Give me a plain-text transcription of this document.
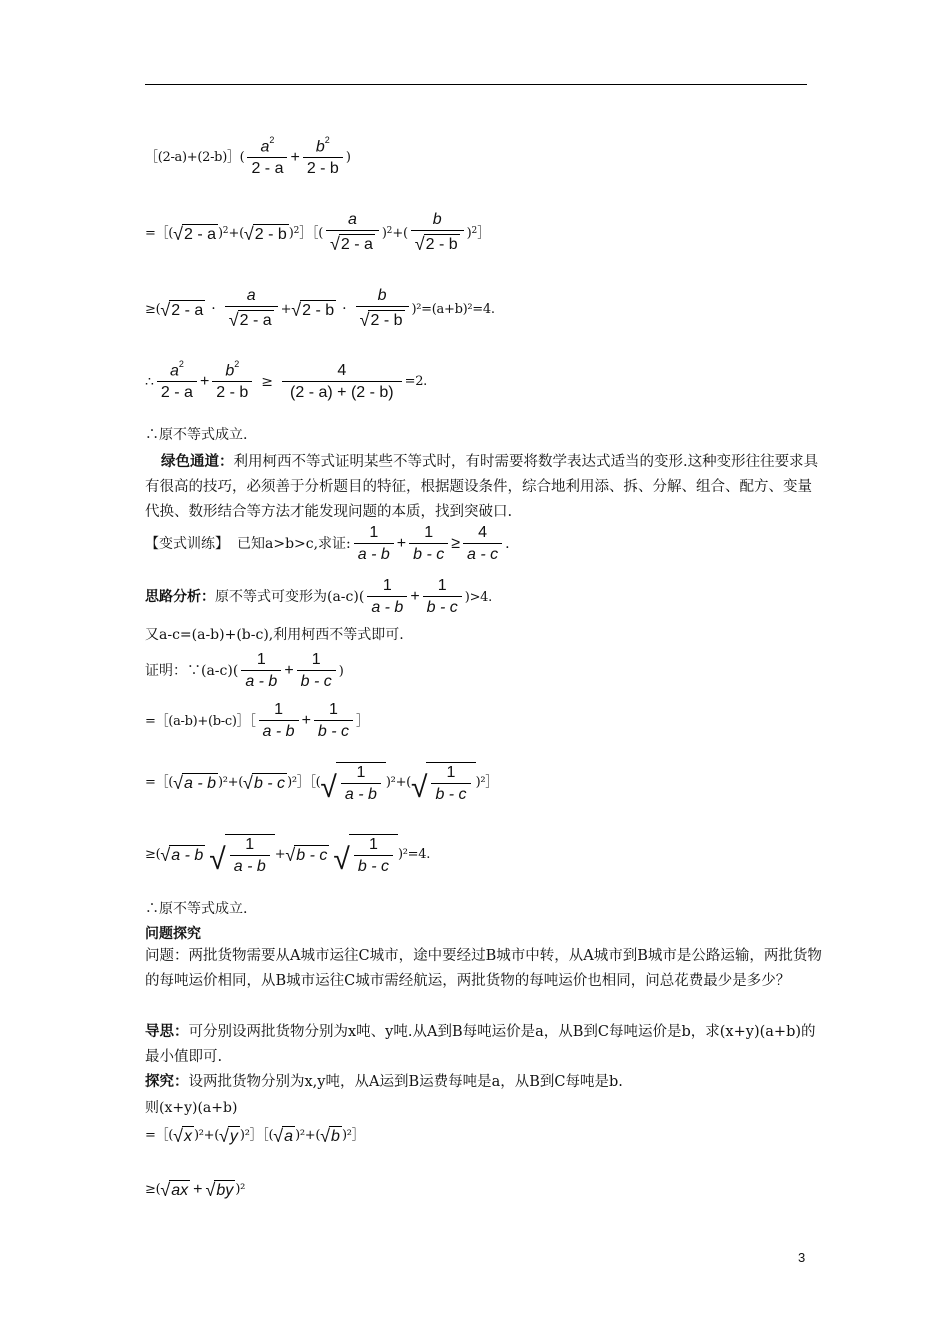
［(2-a)+(2-b)］( $\frac{a^2}{2 - a} + \frac{b^2}{2 - b}$ )
=［( √ 2 - a ) 2 +( √ 2 - b ) 2 ］［( $\frac{a}{√ 2 - a}$ ) 2 +( $\frac{b}{√ 2 - b}$ ) 2 ］
≥( √ $2 - a \cdot \frac{a}{√ 2 - a}$ + √ $2 - b \cdot \frac{b}{√ 2 - b} )^2=(a+b)^2=4$.
∴ $\frac{a^2}{2 - a} + \frac{b^2}{2 - b} \ge \frac{4}{(2 - a) + (2 - b)} =2$.
∴原不等式成立.
绿色通道：利用柯西不等式证明某些不等式时，有时需要将数学表达式适当的变形.这种变形往往要求具有很高的技巧，必须善于分析题目的特征，根据题设条件，综合地利用添、拆、分解、组合、配方、变量代换、数形结合等方法才能发现问题的本质，找到突破口.
【变式训练】 已知a>b>c,求证: $\frac{1}{a - b} + \frac{1}{b - c} \ge \frac{4}{a - c}$ .
思路分析： 原不等式可变形为$(a-c)( \frac{1}{a - b} + \frac{1}{b - c} )>4$.
又a-c=(a-b)+(b-c),利用柯西不等式即可.
证明：∵(a-c)( $\frac{1}{a - b} + \frac{1}{b - c}$ )
=［(a-b)+(b-c)］［ $\frac{1}{a - b} + \frac{1}{b - c}$ ］
=［( √ a - b )²+( √ b - c )²］［( √ $\frac{1}{a - b} )^2+$( √ $\frac{1}{b - c}$ )²］
≥( √ a - b √ $\frac{1}{a - b}$ + √ b - c √ $\frac{1}{b - c} )^2=4$.
∴原不等式成立.
问题探究
问题：两批货物需要从A城市运往C城市，途中要经过B城市中转，从A城市到B城市是公路运输，两批货物的每吨运价相同，从B城市运往C城市需经航运，两批货物的每吨运价也相同，问总花费最少是多少？
导思：可分别设两批货物分别为x吨、y吨.从A到B每吨运价是a，从B到C每吨运价是b，求(x+y)(a+b)的最小值即可.
探究：设两批货物分别为x,y吨，从A运到B运费每吨是a，从B到C每吨是b.
则(x+y)(a+b)
=［( √ x )²+( √ y )²］［( √ a )²+( √ b )²］
≥( √ ax + √ by )²
3
